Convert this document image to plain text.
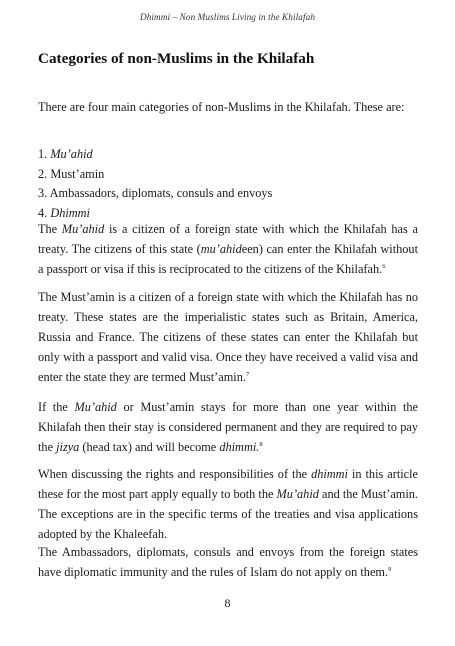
Dhimmi – Non Muslims Living in the Khilafah
Categories of non-Muslims in the Khilafah

There are four main categories of non-Muslims in the Khilafah. These are:

1. Mu’ahid
2. Must’amin
3. Ambassadors, diplomats, consuls and envoys
4. Dhimmi

The Mu’ahid is a citizen of a foreign state with which the Khilafah has a treaty. The citizens of this state (mu’ahideen) can enter the Khilafah without a passport or visa if this is reciprocated to the citizens of the Khilafah.$^6$

The Must’amin is a citizen of a foreign state with which the Khilafah has no treaty. These states are the imperialistic states such as Britain, America, Russia and France. The citizens of these states can enter the Khilafah but only with a passport and valid visa. Once they have received a valid visa and enter the state they are termed Must’amin.$^7$

If the Mu’ahid or Must’amin stays for more than one year within the Khilafah then their stay is considered permanent and they are required to pay the jizya (head tax) and will become dhimmi.$^8$

When discussing the rights and responsibilities of the dhimmi in this article these for the most part apply equally to both the Mu’ahid and the Must’amin. The exceptions are in the specific terms of the treaties and visa applications adopted by the Khaleefah.

The Ambassadors, diplomats, consuls and envoys from the foreign states have diplomatic immunity and the rules of Islam do not apply on them.$^9$

8
